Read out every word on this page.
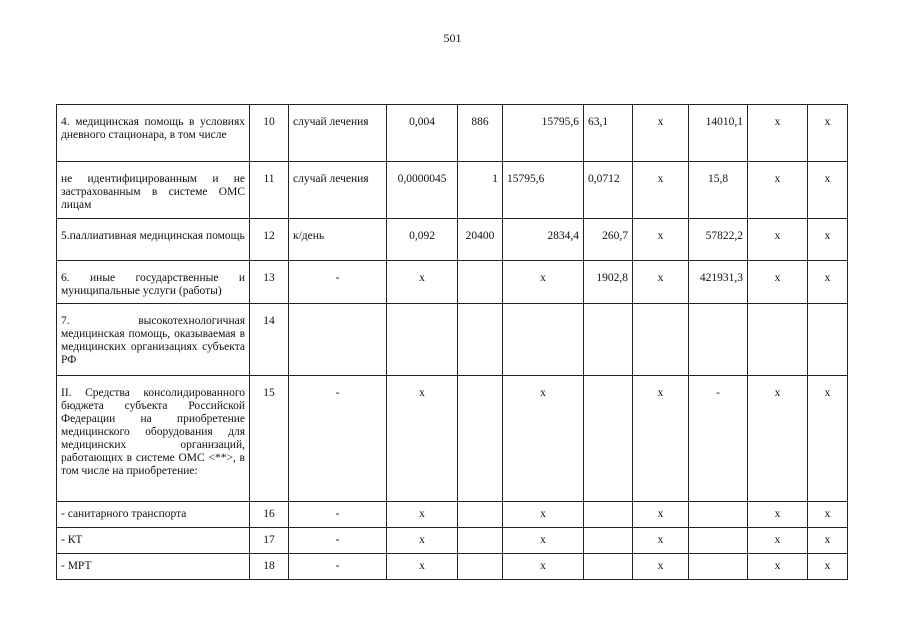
501
4. медицинская помощь в условиях дневного стационара, в том числе	10	случай лечения	0,004	886	15795,6	63,1	х	14010,1	х	х
не идентифицированным и не застрахованным в системе ОМС лицам	11	случай лечения	0,0000045	1	15795,6	0,0712	х	15,8	х	х
5.паллиативная медицинская помощь	12	к/день	0,092	20400	2834,4	260,7	х	57822,2	х	х
6. иные государственные и муниципальные услуги (работы)	13	-	х		х	1902,8	х	421931,3	х	х
7. высокотехнологичная медицинская помощь, оказываемая в медицинских организациях субъекта РФ	14									
II. Средства консолидированного бюджета субъекта Российской Федерации на приобретение медицинского оборудования для медицинских организаций, работающих в системе ОМС <**>, в том числе на приобретение:	15	-	х		х		х	-	х	х
- санитарного транспорта	16	-	х		х		х		х	х
- КТ	17	-	х		х		х		х	х
- МРТ	18	-	х		х		х		х	х
